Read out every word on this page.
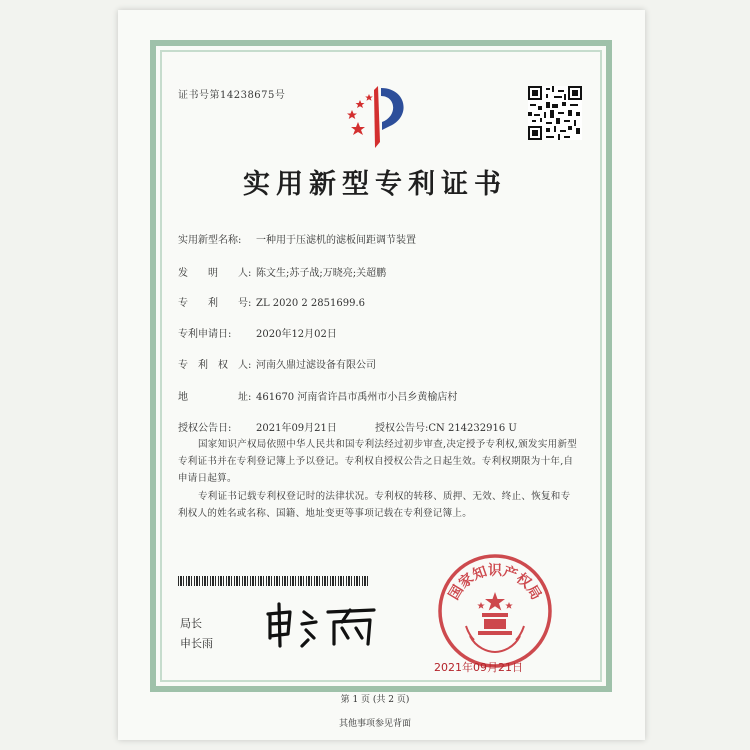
证书号第14238675号
实用新型专利证书
实用新型名称: 一种用于压滤机的滤板间距调节装置
发　　明　　人: 陈文生;苏子战;万晓亮;关超鹏
专　　利　　号: ZL 2020 2 2851699.6
专利申请日: 2020年12月02日
专　利　权　人: 河南久鼎过滤设备有限公司
地　　　　　址: 461670 河南省许昌市禹州市小吕乡黄榆店村
授权公告日: 2021年09月21日	授权公告号:CN 214232916 U
国家知识产权局依照中华人民共和国专利法经过初步审查,决定授予专利权,颁发实用新型专利证书并在专利登记簿上予以登记。专利权自授权公告之日起生效。专利权期限为十年,自申请日起算。
专利证书记载专利权登记时的法律状况。专利权的转移、质押、无效、终止、恢复和专利权人的姓名或名称、国籍、地址变更等事项记载在专利登记簿上。
局长
申长雨
国家知识产权局
2021年09月21日
第 1 页 (共 2 页)
其他事项参见背面
